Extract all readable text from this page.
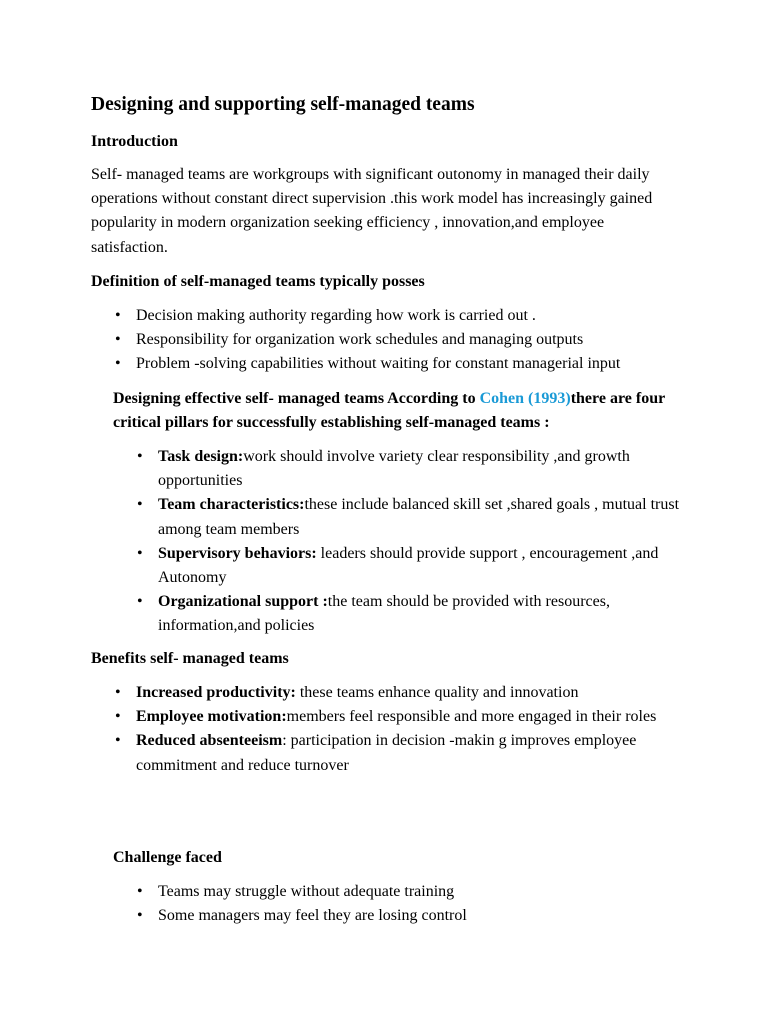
Designing and supporting self-managed teams
Introduction

Self- managed teams are workgroups with significant outonomy in managed their daily operations without constant direct supervision .this work model has increasingly gained popularity in modern organization seeking efficiency , innovation,and employee satisfaction.

Definition of self-managed teams typically posses
• Decision making authority regarding how work is carried out .
• Responsibility for organization work schedules and managing outputs
• Problem -solving capabilities without waiting for constant managerial input
Designing effective self- managed teams According to Cohen (1993)there are four critical pillars for successfully establishing self-managed teams :
• Task design:work should involve variety clear responsibility ,and growth opportunities
• Team characteristics:these include balanced skill set ,shared goals , mutual trust among team members
• Supervisory behaviors: leaders should provide support , encouragement ,and Autonomy
• Organizational support :the team should be provided with resources, information,and policies
Benefits self- managed teams
• Increased productivity: these teams enhance quality and innovation
• Employee motivation:members feel responsible and more engaged in their roles
• Reduced absenteeism: participation in decision -makin g improves employee commitment and reduce turnover
Challenge faced
• Teams may struggle without adequate training
• Some managers may feel they are losing control
